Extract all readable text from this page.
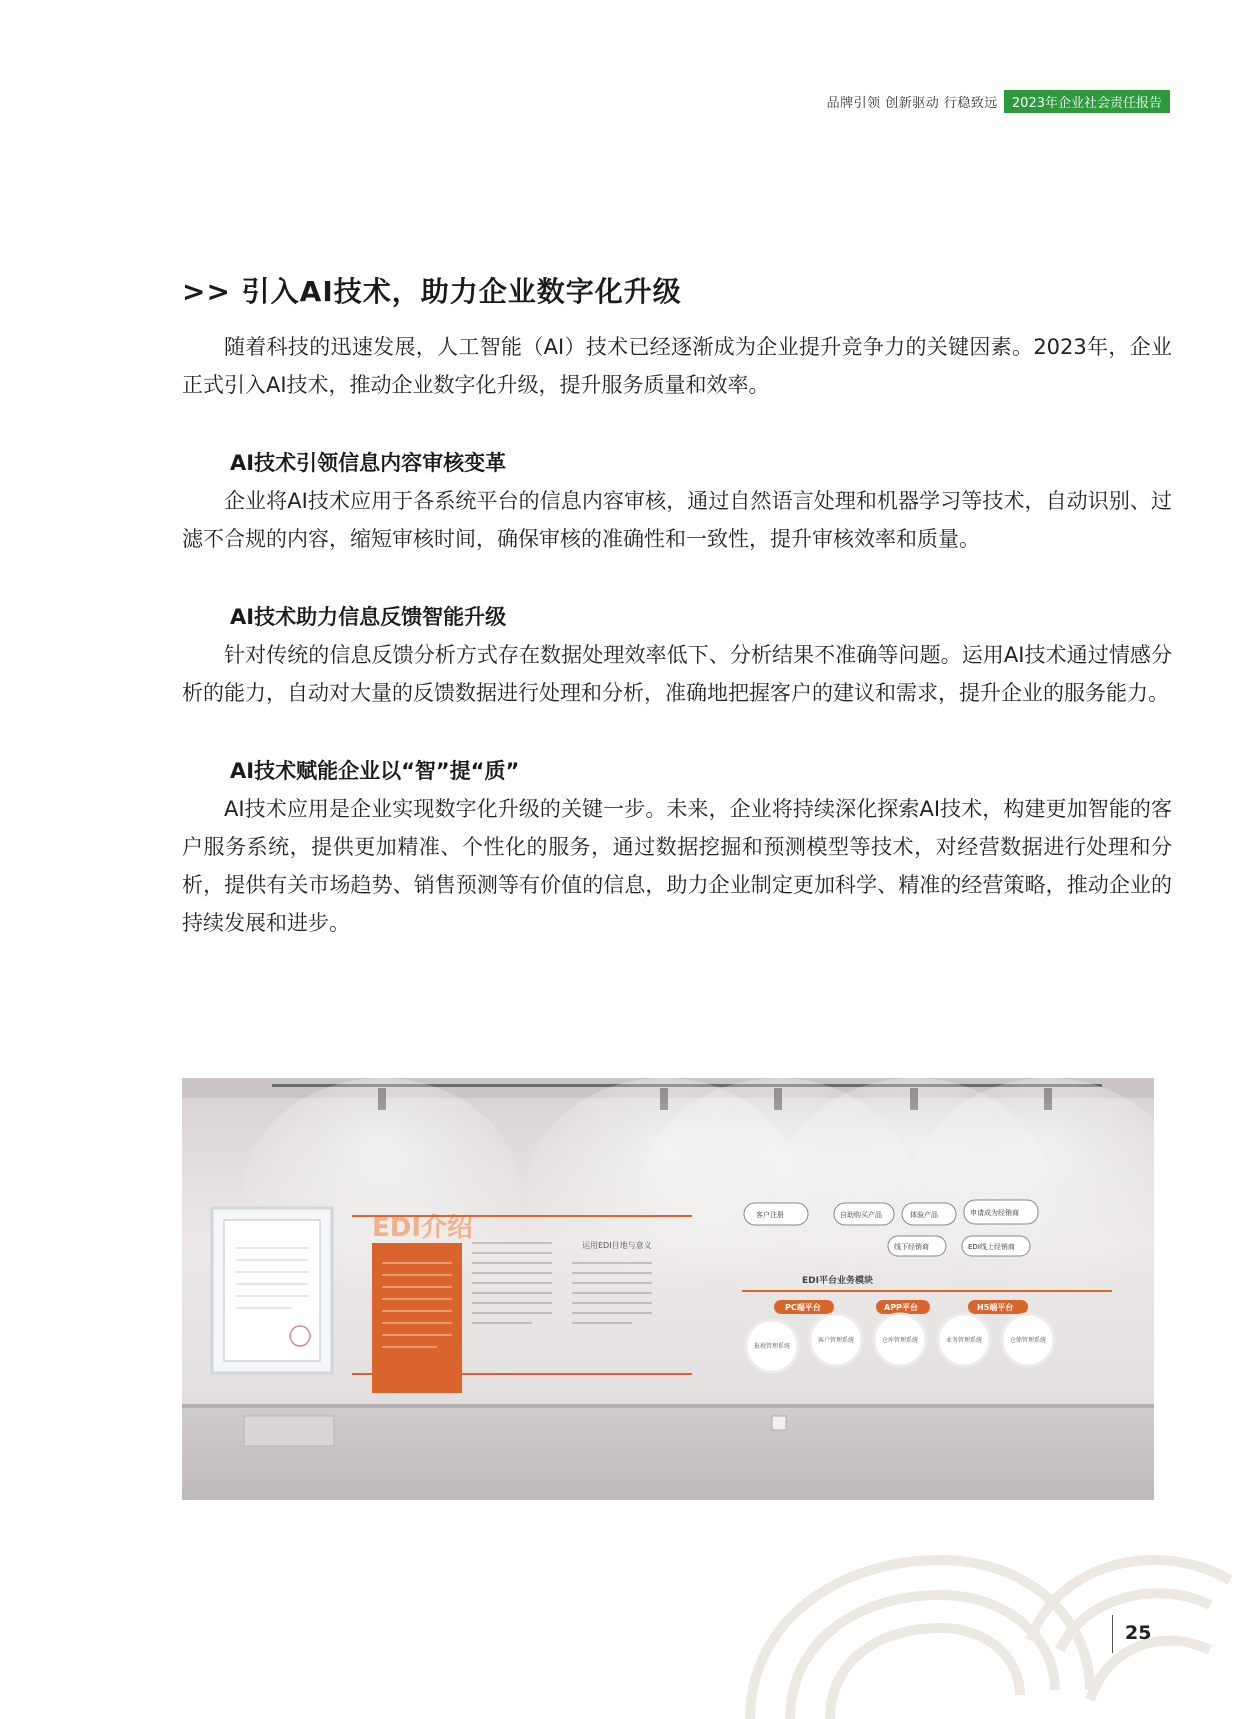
品牌引领 创新驱动 行稳致远	2023年企业社会责任报告
>> 引入AI技术，助力企业数字化升级

随着科技的迅速发展，人工智能（AI）技术已经逐渐成为企业提升竞争力的关键因素。2023年，企业正式引入AI技术，推动企业数字化升级，提升服务质量和效率。

AI技术引领信息内容审核变革

企业将AI技术应用于各系统平台的信息内容审核，通过自然语言处理和机器学习等技术，自动识别、过滤不合规的内容，缩短审核时间，确保审核的准确性和一致性，提升审核效率和质量。

AI技术助力信息反馈智能升级

针对传统的信息反馈分析方式存在数据处理效率低下、分析结果不准确等问题。运用AI技术通过情感分析的能力，自动对大量的反馈数据进行处理和分析，准确地把握客户的建议和需求，提升企业的服务能力。

AI技术赋能企业以“智”提“质”

AI技术应用是企业实现数字化升级的关键一步。未来，企业将持续深化探索AI技术，构建更加智能的客户服务系统，提供更加精准、个性化的服务，通过数据挖掘和预测模型等技术，对经营数据进行处理和分析，提供有关市场趋势、销售预测等有价值的信息，助力企业制定更加科学、精准的经营策略，推动企业的持续发展和进步。

EDI介绍
运用EDI目地与意义
客户注册	自助购买产品	体验产品	申请成为经销商
线下经销商	EDI线上经销商
EDI平台业务模块
PC端平台	APP平台	H5端平台
报税管理系统
客户管理系统	仓库管理系统	业务管理系统	仓储管理系统
25
